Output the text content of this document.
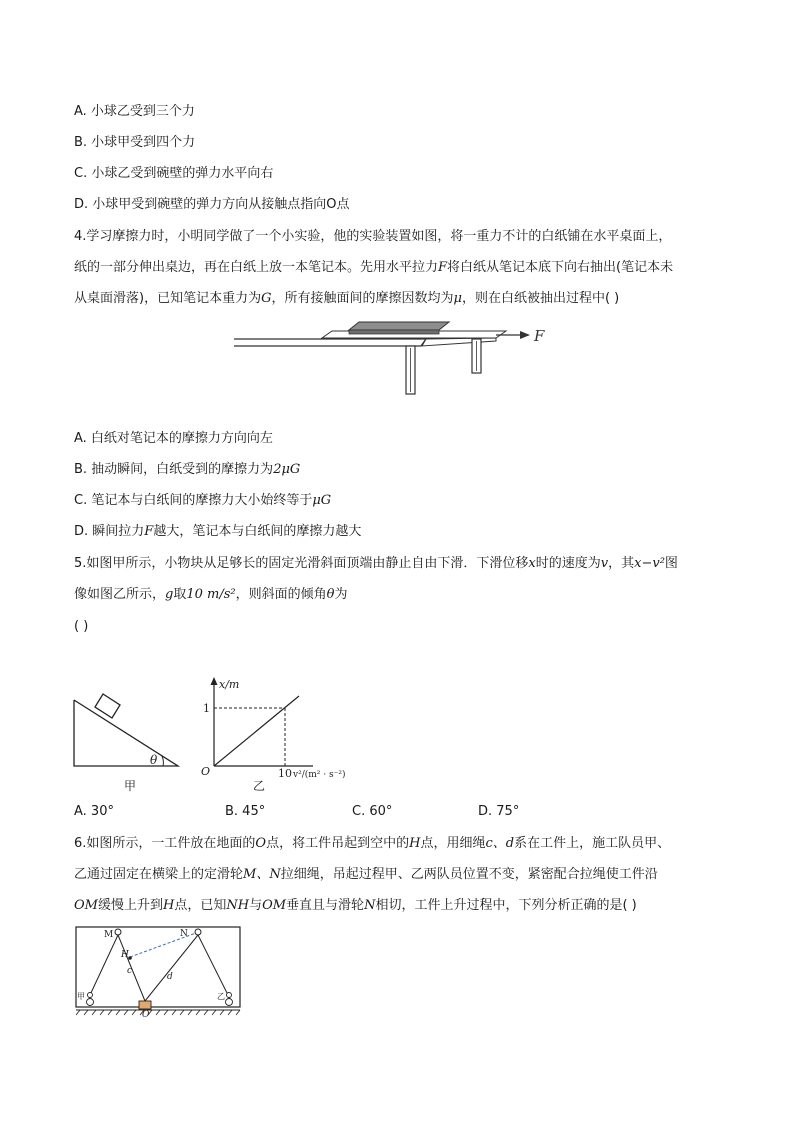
A. 小球乙受到三个力
B. 小球甲受到四个力
C. 小球乙受到碗壁的弹力水平向右
D. 小球甲受到碗壁的弹力方向从接触点指向O点
4.学习摩擦力时，小明同学做了一个小实验，他的实验装置如图，将一重力不计的白纸铺在水平桌面上，
纸的一部分伸出桌边，再在白纸上放一本笔记本。先用水平拉力F将白纸从笔记本底下向右抽出(笔记本未
从桌面滑落)，已知笔记本重力为G，所有接触面间的摩擦因数均为μ，则在白纸被抽出过程中( )
F
A. 白纸对笔记本的摩擦力方向向左
B. 抽动瞬间，白纸受到的摩擦力为2μG
C. 笔记本与白纸间的摩擦力大小始终等于μG
D. 瞬间拉力F越大，笔记本与白纸间的摩擦力越大
5.如图甲所示，小物块从足够长的固定光滑斜面顶端由静止自由下滑．下滑位移x时的速度为v，其x−v²图
像如图乙所示，g取10 m/s²，则斜面的倾角θ为
( )
θ
甲
x/m
1
O	10 v²/(m² · s⁻²)
乙
A. 30°	B. 45°	C. 60°	D. 75°
6.如图所示，一工件放在地面的O点，将工件吊起到空中的H点，用细绳c、d系在工件上，施工队员甲、
乙通过固定在横梁上的定滑轮M、N拉细绳，吊起过程甲、乙两队员位置不变，紧密配合拉绳使工件沿
OM缓慢上升到H点，已知NH与OM垂直且与滑轮N相切，工件上升过程中，下列分析正确的是( )
M	N
H
c
d
甲	乙
O
